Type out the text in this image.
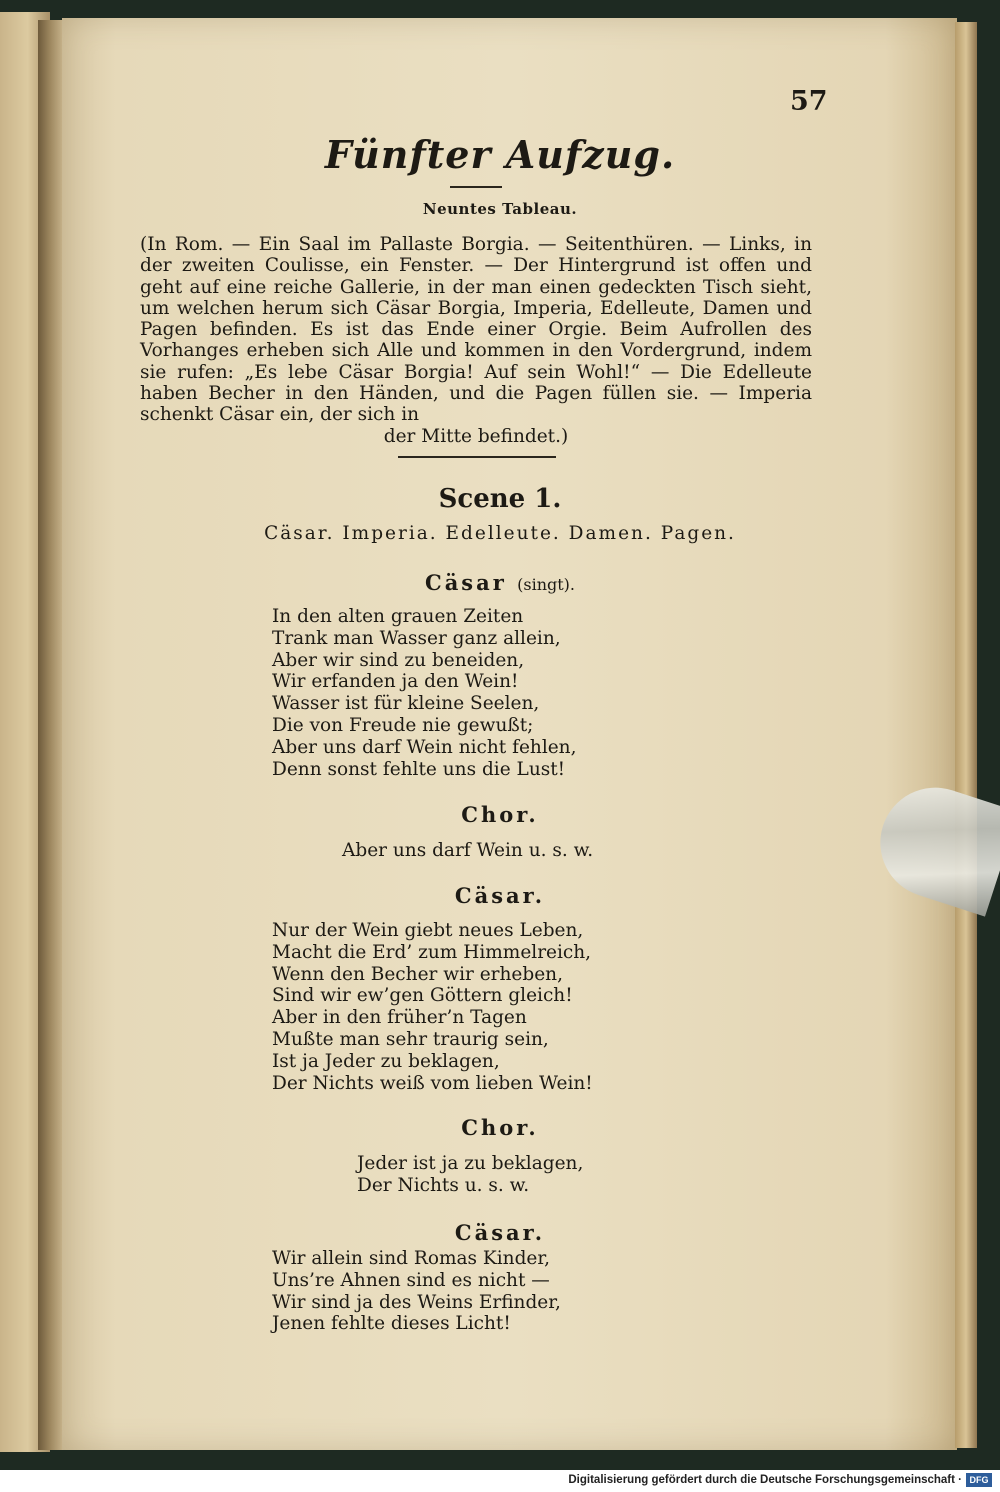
57
Fünfter Aufzug.
Neuntes Tableau.
(In Rom. — Ein Saal im Pallaste Borgia. — Seitenthüren. — Links, in der zweiten Coulisse, ein Fenster. — Der Hintergrund ist offen und geht auf eine reiche Gallerie, in der man einen gedeckten Tisch sieht, um welchen herum sich Cäsar Borgia, Imperia, Edelleute, Damen und Pagen befinden. Es ist das Ende einer Orgie. Beim Aufrollen des Vorhanges erheben sich Alle und kommen in den Vordergrund, indem sie rufen: „Es lebe Cäsar Borgia! Auf sein Wohl!“ — Die Edelleute haben Becher in den Händen, und die Pagen füllen sie. — Imperia schenkt Cäsar ein, der sich in
der Mitte befindet.)
Scene 1.
Cäsar. Imperia. Edelleute. Damen. Pagen.
Cäsar (singt).
In den alten grauen Zeiten
Trank man Wasser ganz allein,
Aber wir sind zu beneiden,
Wir erfanden ja den Wein!
Wasser ist für kleine Seelen,
Die von Freude nie gewußt;
Aber uns darf Wein nicht fehlen,
Denn sonst fehlte uns die Lust!
Chor.
Aber uns darf Wein u. s. w.
Cäsar.
Nur der Wein giebt neues Leben,
Macht die Erd’ zum Himmelreich,
Wenn den Becher wir erheben,
Sind wir ew’gen Göttern gleich!
Aber in den früher’n Tagen
Mußte man sehr traurig sein,
Ist ja Jeder zu beklagen,
Der Nichts weiß vom lieben Wein!
Chor.
Jeder ist ja zu beklagen,
Der Nichts u. s. w.
Cäsar.
Wir allein sind Romas Kinder,
Uns’re Ahnen sind es nicht —
Wir sind ja des Weins Erfinder,
Jenen fehlte dieses Licht!
Digitalisierung gefördert durch die Deutsche Forschungsgemeinschaft · DFG
